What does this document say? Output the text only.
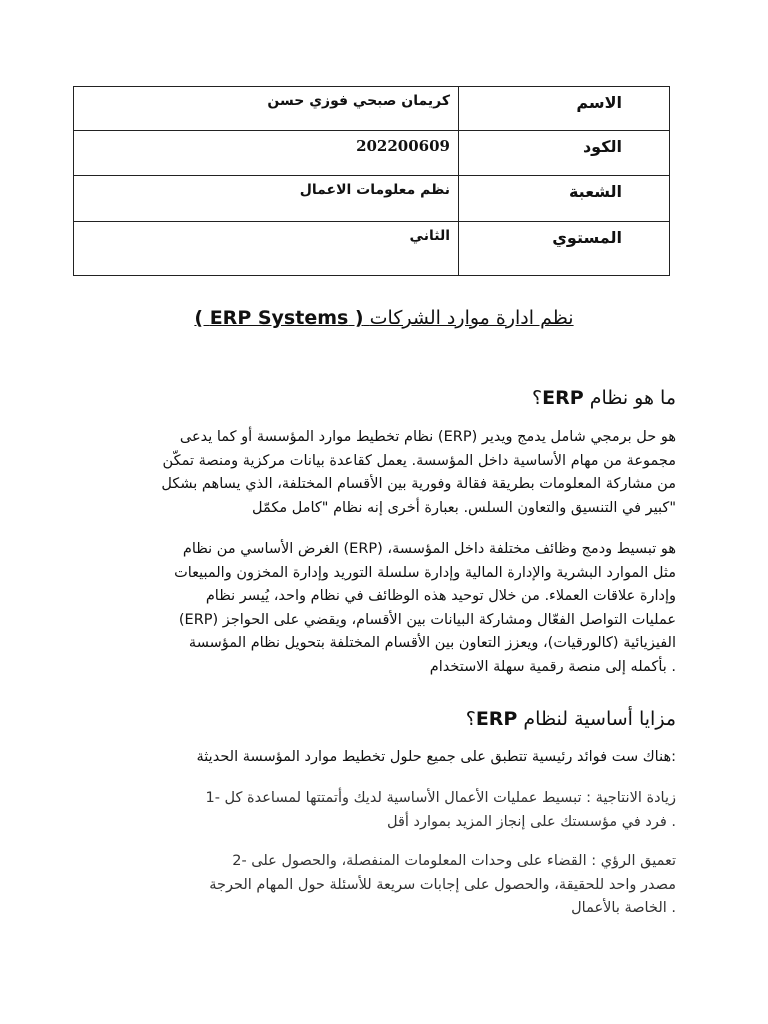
الاسم	كريمان صبحي فوزي حسن
الكود	202200609
الشعبة	نظم معلومات الاعمال
المستوي	الثاني
نظم ادارة موارد الشركات ( ERP Systems )
ما هو نظام ERP؟
هو حل برمجي شامل يدمج ويدير (ERP) نظام تخطيط موارد المؤسسة أو كما يدعى
مجموعة من مهام الأساسية داخل المؤسسة. يعمل كقاعدة بيانات مركزية ومنصة تمكّن
من مشاركة المعلومات بطريقة فقالة وفورية بين الأقسام المختلفة، الذي يساهم بشكل
"كبير في التنسيق والتعاون السلس. بعبارة أخرى إنه نظام "كامل مكمّل
هو تبسيط ودمج وظائف مختلفة داخل المؤسسة، (ERP) الغرض الأساسي من نظام
مثل الموارد البشرية والإدارة المالية وإدارة سلسلة التوريد وإدارة المخزون والمبيعات
وإدارة علاقات العملاء. من خلال توحيد هذه الوظائف في نظام واحد، يُيسر نظام
عمليات التواصل الفعّال ومشاركة البيانات بين الأقسام، ويقضي على الحواجز (ERP)
الفيزيائية (كالورقيات)، ويعزز التعاون بين الأقسام المختلفة بتحويل نظام المؤسسة
. بأكمله إلى منصة رقمية سهلة الاستخدام
مزايا أساسية لنظام ERP؟
:هناك ست فوائد رئيسية تتطبق على جميع حلول تخطيط موارد المؤسسة الحديثة
زيادة الانتاجية : تبسيط عمليات الأعمال الأساسية لديك وأتمتتها لمساعدة كل -1
. فرد في مؤسستك على إنجاز المزيد بموارد أقل
تعميق الرؤي : القضاء على وحدات المعلومات المنفصلة، والحصول على -2
مصدر واحد للحقيقة، والحصول على إجابات سريعة للأسئلة حول المهام الحرجة
. الخاصة بالأعمال
